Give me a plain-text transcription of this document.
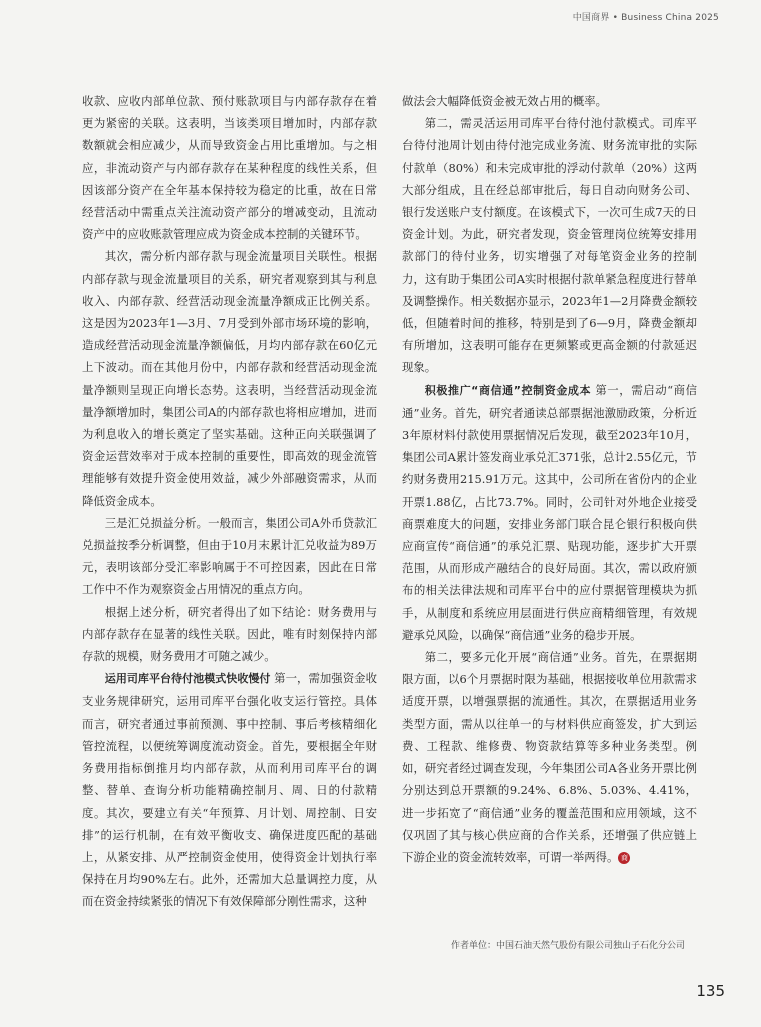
中国商界 • Business China 2025

收款、应收内部单位款、预付账款项目与内部存款存在着更为紧密的关联。这表明，当该类项目增加时，内部存款数额就会相应减少，从而导致资金占用比重增加。与之相应，非流动资产与内部存款存在某种程度的线性关系，但因该部分资产在全年基本保持较为稳定的比重，故在日常经营活动中需重点关注流动资产部分的增减变动，且流动资产中的应收账款管理应成为资金成本控制的关键环节。

其次，需分析内部存款与现金流量项目关联性。根据内部存款与现金流量项目的关系，研究者观察到其与利息收入、内部存款、经营活动现金流量净额成正比例关系。这是因为2023年1—3月、7月受到外部市场环境的影响，造成经营活动现金流量净额偏低，月均内部存款在60亿元上下波动。而在其他月份中，内部存款和经营活动现金流量净额则呈现正向增长态势。这表明，当经营活动现金流量净额增加时，集团公司A的内部存款也将相应增加，进而为利息收入的增长奠定了坚实基础。这种正向关联强调了资金运营效率对于成本控制的重要性，即高效的现金流管理能够有效提升资金使用效益，减少外部融资需求，从而降低资金成本。

三是汇兑损益分析。一般而言，集团公司A外币贷款汇兑损益按季分析调整，但由于10月末累计汇兑收益为89万元，表明该部分受汇率影响属于不可控因素，因此在日常工作中不作为观察资金占用情况的重点方向。

根据上述分析，研究者得出了如下结论：财务费用与内部存款存在显著的线性关联。因此，唯有时刻保持内部存款的规模，财务费用才可随之减少。

运用司库平台待付池模式快收慢付 第一，需加强资金收支业务规律研究，运用司库平台强化收支运行管控。具体而言，研究者通过事前预测、事中控制、事后考核精细化管控流程，以便统筹调度流动资金。首先，要根据全年财务费用指标倒推月均内部存款，从而利用司库平台的调整、替单、查询分析功能精确控制月、周、日的付款精度。其次，要建立有关“年预算、月计划、周控制、日安排”的运行机制，在有效平衡收支、确保进度匹配的基础上，从紧安排、从严控制资金使用，使得资金计划执行率保持在月均90%左右。此外，还需加大总量调控力度，从而在资金持续紧张的情况下有效保障部分刚性需求，这种

做法会大幅降低资金被无效占用的概率。

第二，需灵活运用司库平台待付池付款模式。司库平台待付池周计划由待付池完成业务流、财务流审批的实际付款单（80%）和未完成审批的浮动付款单（20%）这两大部分组成，且在经总部审批后，每日自动向财务公司、银行发送账户支付额度。在该模式下，一次可生成7天的日资金计划。为此，研究者发现，资金管理岗位统筹安排用款部门的待付业务，切实增强了对每笔资金业务的控制力，这有助于集团公司A实时根据付款单紧急程度进行替单及调整操作。相关数据亦显示，2023年1—2月降费金额较低，但随着时间的推移，特别是到了6—9月，降费金额却有所增加，这表明可能存在更频繁或更高金额的付款延迟现象。

积极推广“商信通”控制资金成本 第一，需启动“商信通”业务。首先，研究者通读总部票据池激励政策，分析近3年原材料付款使用票据情况后发现，截至2023年10月，集团公司A累计签发商业承兑汇371张，总计2.55亿元，节约财务费用215.91万元。这其中，公司所在省份内的企业开票1.88亿，占比73.7%。同时，公司针对外地企业接受商票难度大的问题，安排业务部门联合昆仑银行积极向供应商宣传“商信通”的承兑汇票、贴现功能，逐步扩大开票范围，从而形成产融结合的良好局面。其次，需以政府颁布的相关法律法规和司库平台中的应付票据管理模块为抓手，从制度和系统应用层面进行供应商精细管理，有效规避承兑风险，以确保“商信通”业务的稳步开展。

第二，要多元化开展“商信通”业务。首先，在票据期限方面，以6个月票据时限为基础，根据接收单位用款需求适度开票，以增强票据的流通性。其次，在票据适用业务类型方面，需从以往单一的与材料供应商签发，扩大到运费、工程款、维修费、物资款结算等多种业务类型。例如，研究者经过调查发现，今年集团公司A各业务开票比例分别达到总开票额的9.24%、6.8%、5.03%、4.41%，进一步拓宽了“商信通”业务的覆盖范围和应用领域，这不仅巩固了其与核心供应商的合作关系，还增强了供应链上下游企业的资金流转效率，可谓一举两得。 商

作者单位：中国石油天然气股份有限公司独山子石化分公司
135
